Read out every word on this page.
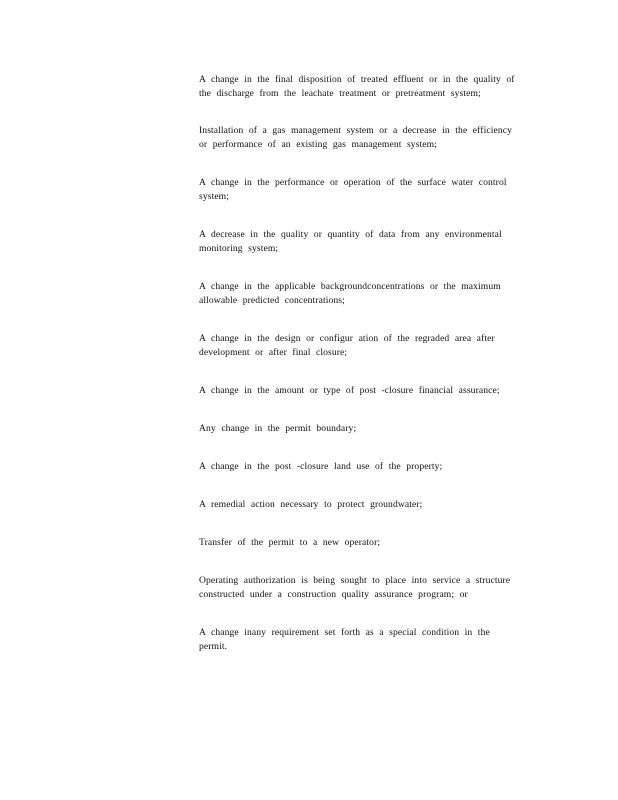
A change in the final disposition of treated effluent or in the quality of the discharge from the leachate treatment or pretreatment system;

Installation of a gas management system or a decrease in the efficiency or performance of an existing gas management system;

A change in the performance or operation of the surface water control system;

A decrease in the quality or quantity of data from any environmental monitoring system;

A change in the applicable backgroundconcentrations or the maximum allowable predicted concentrations;

A change in the design or configur ation of the regraded area after development or after final closure;

A change in the amount or type of post -closure financial assurance;

Any change in the permit boundary;

A change in the post -closure land use of the property;

A remedial action necessary to protect groundwater;

Transfer of the permit to a new operator;

Operating authorization is being sought to place into service a structure constructed under a construction quality assurance program; or

A change inany requirement set forth as a special condition in the permit.
